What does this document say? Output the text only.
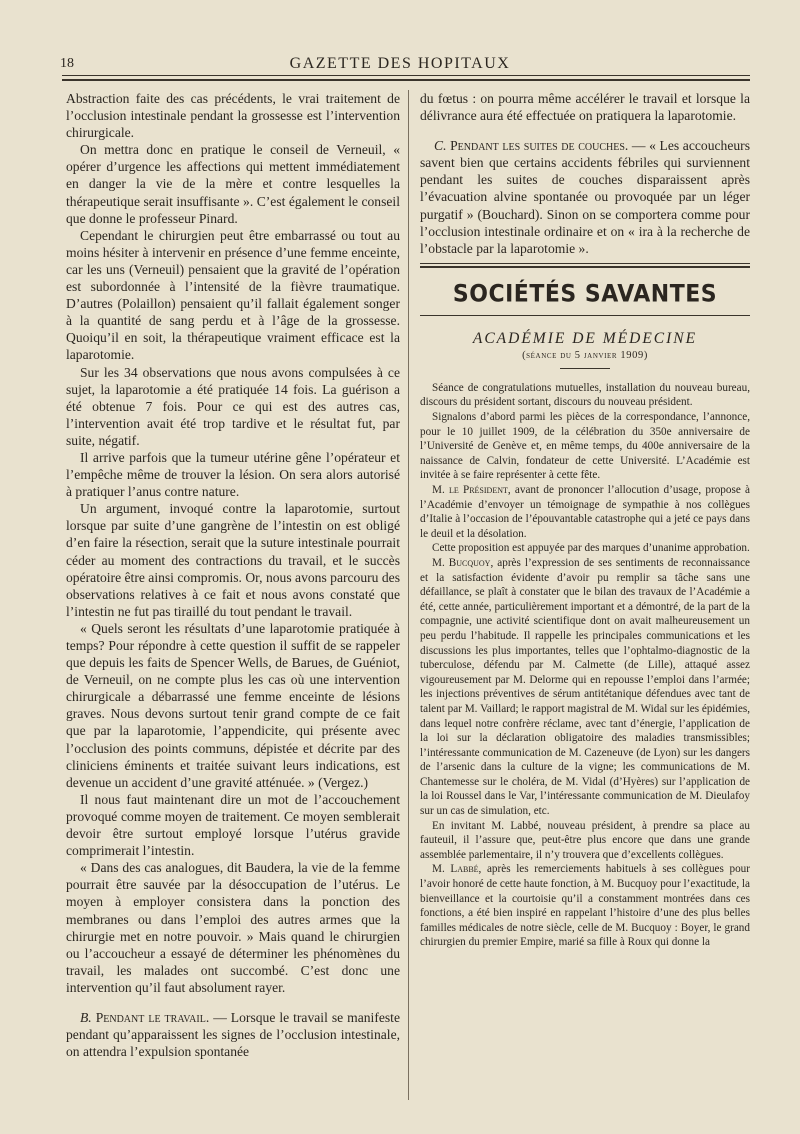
18	GAZETTE DES HOPITAUX

Abstraction faite des cas précédents, le vrai traitement de l’occlusion intestinale pendant la grossesse est l’intervention chirurgicale.

On mettra donc en pratique le conseil de Verneuil, « opérer d’urgence les affections qui mettent immédiatement en danger la vie de la mère et contre lesquelles la thérapeutique serait insuffisante ». C’est également le conseil que donne le professeur Pinard.

Cependant le chirurgien peut être embarrassé ou tout au moins hésiter à intervenir en présence d’une femme enceinte, car les uns (Verneuil) pensaient que la gravité de l’opération est subordonnée à l’intensité de la fièvre traumatique. D’autres (Polaillon) pensaient qu’il fallait également songer à la quantité de sang perdu et à l’âge de la grossesse. Quoiqu’il en soit, la thérapeutique vraiment efficace est la laparotomie.

Sur les 34 observations que nous avons compulsées à ce sujet, la laparotomie a été pratiquée 14 fois. La guérison a été obtenue 7 fois. Pour ce qui est des autres cas, l’intervention avait été trop tardive et le résultat fut, par suite, négatif.

Il arrive parfois que la tumeur utérine gêne l’opérateur et l’empêche même de trouver la lésion. On sera alors autorisé à pratiquer l’anus contre nature.

Un argument, invoqué contre la laparotomie, surtout lorsque par suite d’une gangrène de l’intestin on est obligé d’en faire la résection, serait que la suture intestinale pourrait céder au moment des contractions du travail, et le succès opératoire être ainsi compromis. Or, nous avons parcouru des observations relatives à ce fait et nous avons constaté que l’intestin ne fut pas tiraillé du tout pendant le travail.

« Quels seront les résultats d’une laparotomie pratiquée à temps? Pour répondre à cette question il suffit de se rappeler que depuis les faits de Spencer Wells, de Barues, de Guéniot, de Verneuil, on ne compte plus les cas où une intervention chirurgicale a débarrassé une femme enceinte de lésions graves. Nous devons surtout tenir grand compte de ce fait que par la laparotomie, l’appendicite, qui présente avec l’occlusion des points communs, dépistée et décrite par des cliniciens éminents et traitée suivant leurs indications, est devenue un accident d’une gravité atténuée. » (Vergez.)

Il nous faut maintenant dire un mot de l’accouchement provoqué comme moyen de traitement. Ce moyen semblerait devoir être surtout employé lorsque l’utérus gravide comprimerait l’intestin.

« Dans des cas analogues, dit Baudera, la vie de la femme pourrait être sauvée par la désoccupation de l’utérus. Le moyen à employer consistera dans la ponction des membranes ou dans l’emploi des autres armes que la chirurgie met en notre pouvoir. » Mais quand le chirurgien ou l’accoucheur a essayé de déterminer les phénomènes du travail, les malades ont succombé. C’est donc une intervention qu’il faut absolument rayer.

B. Pendant le travail. — Lorsque le travail se manifeste pendant qu’apparaissent les signes de l’occlusion intestinale, on attendra l’expulsion spontanée

du fœtus : on pourra même accélérer le travail et lorsque la délivrance aura été effectuée on pratiquera la laparotomie.

C. Pendant les suites de couches. — « Les accoucheurs savent bien que certains accidents fébriles qui surviennent pendant les suites de couches disparaissent après l’évacuation alvine spontanée ou provoquée par un léger purgatif » (Bouchard). Sinon on se comportera comme pour l’occlusion intestinale ordinaire et on « ira à la recherche de l’obstacle par la laparotomie ».

SOCIÉTÉS SAVANTES
ACADÉMIE DE MÉDECINE
(séance du 5 janvier 1909)

Séance de congratulations mutuelles, installation du nouveau bureau, discours du président sortant, discours du nouveau président.

Signalons d’abord parmi les pièces de la correspondance, l’annonce, pour le 10 juillet 1909, de la célébration du 350e anniversaire de l’Université de Genève et, en même temps, du 400e anniversaire de la naissance de Calvin, fondateur de cette Université. L’Académie est invitée à se faire représenter à cette fête.

M. le Président, avant de prononcer l’allocution d’usage, propose à l’Académie d’envoyer un témoignage de sympathie à nos collègues d’Italie à l’occasion de l’épouvantable catastrophe qui a jeté ce pays dans le deuil et la désolation.

Cette proposition est appuyée par des marques d’unanime approbation.

M. Bucquoy, après l’expression de ses sentiments de reconnaissance et la satisfaction évidente d’avoir pu remplir sa tâche sans une défaillance, se plaît à constater que le bilan des travaux de l’Académie a été, cette année, particulièrement important et a démontré, de la part de la compagnie, une activité scientifique dont on avait malheureusement un peu perdu l’habitude. Il rappelle les principales communications et les discussions les plus importantes, telles que l’ophtalmo-diagnostic de la tuberculose, défendu par M. Calmette (de Lille), attaqué assez vigoureusement par M. Delorme qui en repousse l’emploi dans l’armée; les injections préventives de sérum antitétanique défendues avec tant de talent par M. Vaillard; le rapport magistral de M. Widal sur les épidémies, dans lequel notre confrère réclame, avec tant d’énergie, l’application de la loi sur la déclaration obligatoire des maladies transmissibles; l’intéressante communication de M. Cazeneuve (de Lyon) sur les dangers de l’arsenic dans la culture de la vigne; les communications de M. Chantemesse sur le choléra, de M. Vidal (d’Hyères) sur l’application de la loi Roussel dans le Var, l’intéressante communication de M. Dieulafoy sur un cas de simulation, etc.

En invitant M. Labbé, nouveau président, à prendre sa place au fauteuil, il l’assure que, peut-être plus encore que dans une grande assemblée parlementaire, il n’y trouvera que d’excellents collègues.

M. Labbé, après les remerciements habituels à ses collègues pour l’avoir honoré de cette haute fonction, à M. Bucquoy pour l’exactitude, la bienveillance et la courtoisie qu’il a constamment montrées dans ces fonctions, a été bien inspiré en rappelant l’histoire d’une des plus belles familles médicales de notre siècle, celle de M. Bucquoy : Boyer, le grand chirurgien du premier Empire, marié sa fille à Roux qui donne la
